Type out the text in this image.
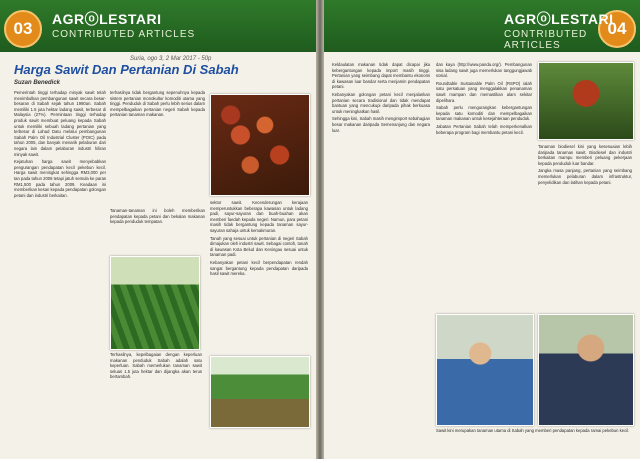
03	AGRⓞLESTARI
CONTRIBUTED ARTICLES
Suria, ogo 3, 2 Mar 2017 - 50p
Harga Sawit Dan Pertanian Di Sabah
Suzan Benedick

Pemerintah tinggi terhadap minyak sawit telah menimbulkan pembangunan sawit secara besar-besaran di Sabah sejak tahun 1980an. Sabah memiliki 1.5 juta hektar ladang sawit, terbesar di Malaysia (27%). Permintaan tinggi terhadap produk sawit membuat peluang kepada Sabah untuk memiliki sebuah ladang pertanian yang terbesar di Lahad Datu melalui pembangunan Sabah Palm Oil Industrial Cluster (POIC) pada tahun 2005, dan banyak menarik pelaburan dari negara lain dalam pelaburan industri hiliran minyak sawit.

Kejatuhan harga sawit menyebabkan pengurangan pendapatan kecil pekebun kecil. Harga sawit meningkat sehingga RM3,000 per tan pada tahun 2008 tetapi jatuh semula ke paras RM1,500 pada tahun 2009. Keadaan ini memberikan kesan kepada pendapatan golongan petani dan industri berkaitan.

terhasilnya tidak bergantung sepenuhnya kepada sistem pertanian monokultur komoditi utama yang tinggi. Penduduk di Sabah perlu lebih serius dalam mempelbagaikan pertanian negeri Sabah kepada pertanian tanaman makanan.

Tanaman-tanaman ini boleh memberikan pendapatan kepada petani dan bekalan makanan kepada penduduk tempatan.

Terhasilnya, kepelbagaian dengan keperluan makanan penduduk Sabah adalah satu keperluan. Sabah memerlukan tanaman sawit seluas 1.5 juta hektar dan dijangka akan terus bertambah.

sektor sawit. Kecenderungan kerajaan memperuntukkan beberapa kawasan untuk ladang padi, sayur-sayuran dan buah-buahan akan memberi faedah kepada negeri. Namun, para petani masih tidak bergantung kepada tanaman sayur-sayuran sahaja untuk kemakmuran.

Tanah yang sesuai untuk pertanian di negeri Sabah dimajukan oleh industri sawit. Sebagai contoh, tanah di kawasan Kota Belud dan Keningau sesuai untuk tanaman padi.

Kebanyakan petani kecil berpendapatan rendah sangat bergantung kepada pendapatan daripada hasil sawit mereka.

04
AGRⓞLESTARI
CONTRIBUTED ARTICLES

Keldaulatan makanan tidak dapat dicapai jika kebergantungan kepada import masih tinggi. Pertanian yang seimbang dapat membantu ekonomi di kawasan luar bandar serta menjamin pendapatan petani.

Kebanyakan golongan petani kecil menjalankan pertanian secara tradisional dan tidak mendapat bantuan yang mencukupi daripada pihak berkuasa untuk meningkatkan hasil.

Sehingga kini, Sabah masih mengimport sebahagian besar makanan daripada Semenanjung dan negara luar.

dan kaya (http://www.panda.org/). Pembangunan sisa ladang sawit juga memerlukan tanggungjawab sosial.

Roundtable Sustainable Palm Oil (RSPO) ialah satu persatuan yang menggalakkan penanaman sawit mampan dan memastikan alam sekitar dipelihara.

Sabah perlu mengurangkan kebergantungan kepada satu komoditi dan mempelbagaikan tanaman makanan untuk kesejahteraan penduduk.

Jabatan Pertanian Sabah telah memperkenalkan beberapa program bagi membantu petani kecil.

Tanaman biodiesel kini yang kesesuaian lebih daripada tanaman sawit. Biodiesel dan industri berkaitan mampu memberi peluang pekerjaan kepada penduduk luar bandar.

Jangka masa panjang, pertanian yang seimbang memerlukan pelaburan dalam infrastruktur, penyelidikan dan latihan kepada petani.

Sawit kini merupakan tanaman utama di Sabah yang memberi pendapatan kepada ramai pekebun kecil.
